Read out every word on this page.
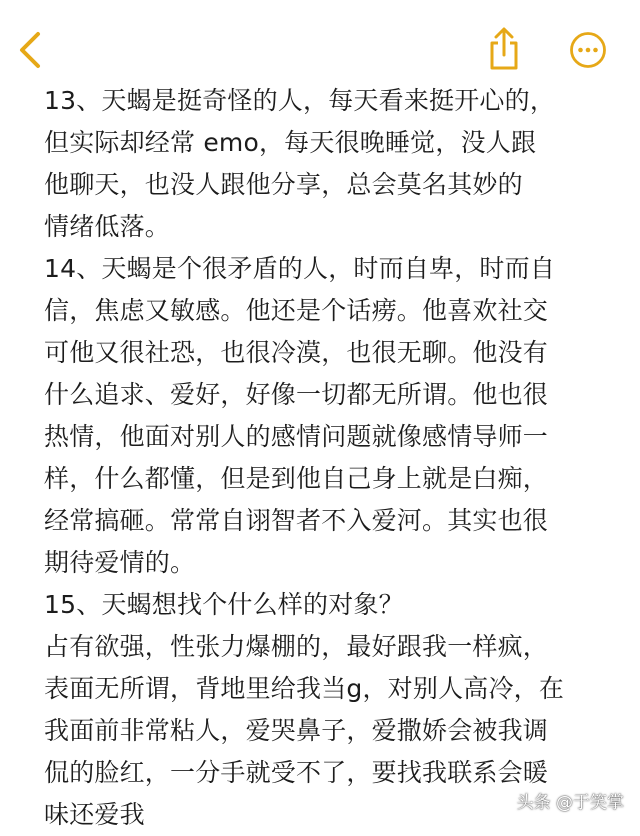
13、天蝎是挺奇怪的人，每天看来挺开心的，
但实际却经常 emo，每天很晚睡觉，没人跟
他聊天，也没人跟他分享，总会莫名其妙的
情绪低落。
14、天蝎是个很矛盾的人，时而自卑，时而自
信，焦虑又敏感。他还是个话痨。他喜欢社交
可他又很社恐，也很冷漠，也很无聊。他没有
什么追求、爱好，好像一切都无所谓。他也很
热情，他面对别人的感情问题就像感情导师一
样，什么都懂，但是到他自己身上就是白痴，
经常搞砸。常常自诩智者不入爱河。其实也很
期待爱情的。
15、天蝎想找个什么样的对象？
占有欲强，性张力爆棚的，最好跟我一样疯，
表面无所谓，背地里给我当g，对别人高冷，在
我面前非常粘人，爱哭鼻子，爱撒娇会被我调
侃的脸红，一分手就受不了，要找我联系会暖
味还爱我	头条 @于笑掌
